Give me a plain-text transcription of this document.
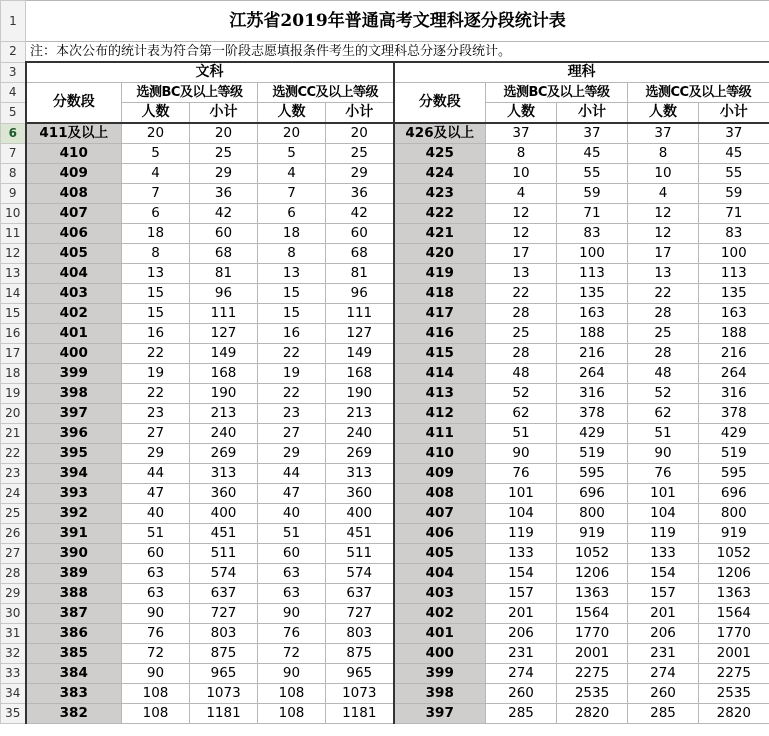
1	江苏省2019年普通高考文理科逐分段统计表									
2	注：本次公布的统计表为符合第一阶段志愿填报条件考生的文理科总分逐分段统计。									
3	文科					理科				
4	分数段	选测BC及以上等级		选测CC及以上等级		分数段	选测BC及以上等级		选测CC及以上等级	
5		人数	小计	人数	小计		人数	小计	人数	小计
6	411及以上	20	20	20	20	426及以上	37	37	37	37
7	410	5	25	5	25	425	8	45	8	45
8	409	4	29	4	29	424	10	55	10	55
9	408	7	36	7	36	423	4	59	4	59
10	407	6	42	6	42	422	12	71	12	71
11	406	18	60	18	60	421	12	83	12	83
12	405	8	68	8	68	420	17	100	17	100
13	404	13	81	13	81	419	13	113	13	113
14	403	15	96	15	96	418	22	135	22	135
15	402	15	111	15	111	417	28	163	28	163
16	401	16	127	16	127	416	25	188	25	188
17	400	22	149	22	149	415	28	216	28	216
18	399	19	168	19	168	414	48	264	48	264
19	398	22	190	22	190	413	52	316	52	316
20	397	23	213	23	213	412	62	378	62	378
21	396	27	240	27	240	411	51	429	51	429
22	395	29	269	29	269	410	90	519	90	519
23	394	44	313	44	313	409	76	595	76	595
24	393	47	360	47	360	408	101	696	101	696
25	392	40	400	40	400	407	104	800	104	800
26	391	51	451	51	451	406	119	919	119	919
27	390	60	511	60	511	405	133	1052	133	1052
28	389	63	574	63	574	404	154	1206	154	1206
29	388	63	637	63	637	403	157	1363	157	1363
30	387	90	727	90	727	402	201	1564	201	1564
31	386	76	803	76	803	401	206	1770	206	1770
32	385	72	875	72	875	400	231	2001	231	2001
33	384	90	965	90	965	399	274	2275	274	2275
34	383	108	1073	108	1073	398	260	2535	260	2535
35	382	108	1181	108	1181	397	285	2820	285	2820
